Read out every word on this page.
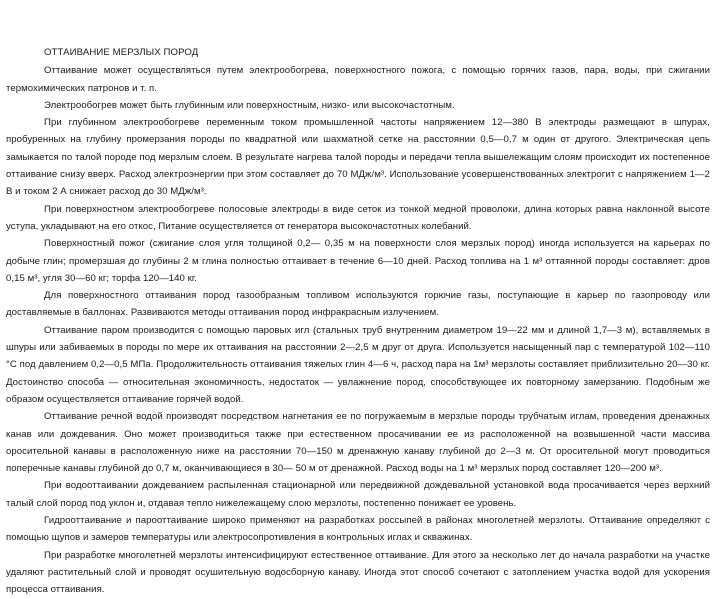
ОТТАИВАНИЕ МЕРЗЛЫХ ПОРОД

Оттаивание может осуществляться путем электрообогрева, поверхностного пожога, с помощью горячих газов, пара, воды, при сжигании термохимических патронов и т. п.

Электрообогрев может быть глубинным или поверхностным, низко- или высокочастотным.

При глубинном электрообогреве переменным током промышленной частоты напряжением 12—380 В электроды размещают в шпурах, пробуренных на глубину промерзания породы по квадратной или шахматной сетке на расстоянии 0,5—0,7 м один от другого. Электрическая цепь замыкается по талой породе под мерзлым слоем. В результате нагрева талой породы и передачи тепла вышележащим слоям происходит их постепенное оттаивание снизу вверх. Расход электроэнергии при этом составляет до 70 МДж/м³. Использование усовершенствованных электрогит с напряжением 1—2 В и током 2 А снижает расход до 30 МДж/м³.

При поверхностном электрообогреве полосовые электроды в виде сеток из тонкой медной проволоки, длина которых равна наклонной высоте уступа, укладывают на его откос, Питание осуществляется от генератора высокочастотных колебаний.

Поверхностный пожог (сжигание слоя угля толщиной 0,2— 0,35 м на поверхности слоя мерзлых пород) иногда используется на карьерах по добыче глин; промерзшая до глубины 2 м глина полностью оттаивает в течение 6—10 дней. Расход топлива на 1 м³ оттаянной породы составляет: дров 0,15 м³, угля 30—60 кг; торфа 120—140 кг.

Для поверхностного оттаивания пород газообразным топливом используются горючие газы, поступающие в карьер по газопроводу или доставляемые в баллонах. Развиваются методы оттаивания пород инфракрасным излучением.

Оттаивание паром производится с помощью паровых игл (стальных труб внутренним диаметром 19—22 мм и длиной 1,7—3 м), вставляемых в шпуры или забиваемых в породы по мере их оттаивания на расстоянии 2—2,5 м друг от друга. Используется насыщенный пар с температурой 102—110 °С под давлением 0,2—0,5 МПа. Продолжительность оттаивания тяжелых глин 4—6 ч, расход пара на 1м³ мерзлоты составляет приблизительно 20—30 кг. Достоинство способа — относительная экономичность, недостаток — увлажнение пород, способствующее их повторному замерзанию. Подобным же образом осуществляется оттаивание горячей водой.

Оттаивание речной водой производят посредством нагнетания ее по погружаемым в мерзлые породы трубчатым иглам, проведения дренажных канав или дождевания. Оно может производиться также при естественном просачивании ее из расположенной на возвышенной части массива оросительной канавы в расположенную ниже на расстоянии 70—150 м дренажную канаву глубиной до 2—3 м. От оросительной могут проводиться поперечные канавы глубиной до 0,7 м, оканчивающиеся в 30— 50 м от дренажной. Расход воды на 1 м³ мерзлых пород составляет 120—200 м³.

При водооттаивании дождеванием распыленная стационарной или передвижной дождевальной установкой вода просачивается через верхний талый слой пород под уклон и, отдавая тепло нижележащему слою мерзлоты, постепенно понижает ее уровень.

Гидрооттаивание и парооттаивание широко применяют на разработках россыпей в районах многолетней мерзлоты. Оттаивание определяют с помощью щупов и замеров температуры или электросопротивления в контрольных иглах и скважинах.

При разработке многолетней мерзлоты интенсифицируют естественное оттаивание. Для этого за несколько лет до начала разработки на участке удаляют растительный слой и проводят осушительную водосборную канаву. Иногда этот способ сочетают с затоплением участка водой для ускорения процесса оттаивания.
